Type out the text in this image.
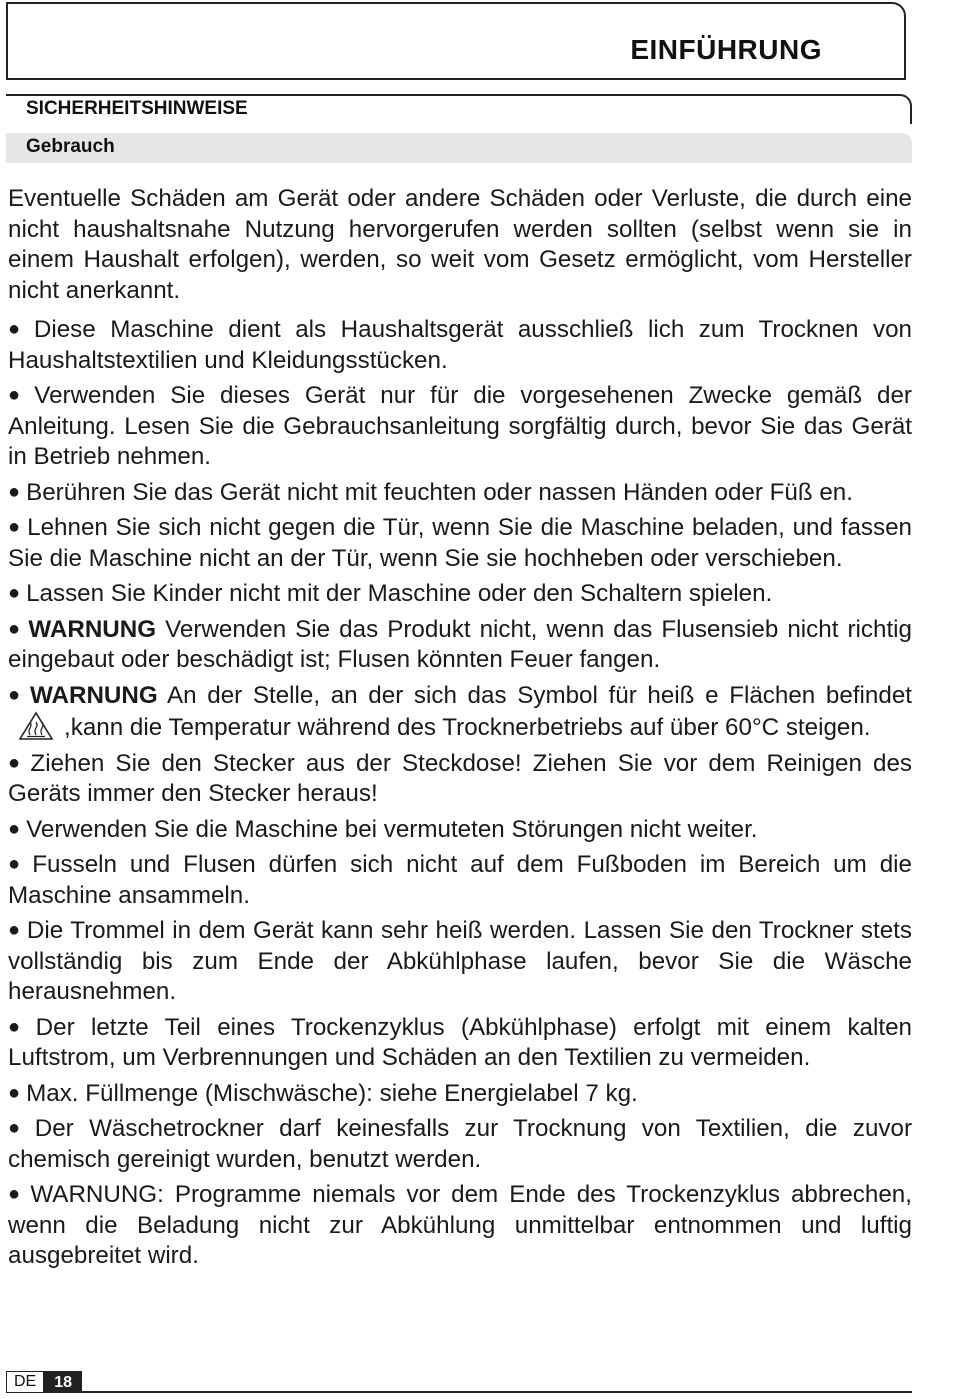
EINFÜHRUNG
SICHERHEITSHINWEISE
Gebrauch

Eventuelle Schäden am Gerät oder andere Schäden oder Verluste, die durch eine nicht haushaltsnahe Nutzung hervorgerufen werden sollten (selbst wenn sie in einem Haushalt erfolgen), werden, so weit vom Gesetz ermöglicht, vom Hersteller nicht anerkannt.

● Diese Maschine dient als Haushaltsgerät ausschließ lich zum Trocknen von Haushaltstextilien und Kleidungsstücken.

● Verwenden Sie dieses Gerät nur für die vorgesehenen Zwecke gemäß der Anleitung. Lesen Sie die Gebrauchsanleitung sorgfältig durch, bevor Sie das Gerät in Betrieb nehmen.

● Berühren Sie das Gerät nicht mit feuchten oder nassen Händen oder Füß en.

● Lehnen Sie sich nicht gegen die Tür, wenn Sie die Maschine beladen, und fassen Sie die Maschine nicht an der Tür, wenn Sie sie hochheben oder verschieben.

● Lassen Sie Kinder nicht mit der Maschine oder den Schaltern spielen.

● WARNUNG Verwenden Sie das Produkt nicht, wenn das Flusensieb nicht richtig eingebaut oder beschädigt ist; Flusen könnten Feuer fangen.

● WARNUNG An der Stelle, an der sich das Symbol für heiß e Flächen befindet,kann die Temperatur während des Trocknerbetriebs auf über 60°C steigen.

● Ziehen Sie den Stecker aus der Steckdose! Ziehen Sie vor dem Reinigen des Geräts immer den Stecker heraus!

● Verwenden Sie die Maschine bei vermuteten Störungen nicht weiter.

● Fusseln und Flusen dürfen sich nicht auf dem Fußboden im Bereich um die Maschine ansammeln.

● Die Trommel in dem Gerät kann sehr heiß werden. Lassen Sie den Trockner stets vollständig bis zum Ende der Abkühlphase laufen, bevor Sie die Wäsche herausnehmen.

● Der letzte Teil eines Trockenzyklus (Abkühlphase) erfolgt mit einem kalten Luftstrom, um Verbrennungen und Schäden an den Textilien zu vermeiden.

● Max. Füllmenge (Mischwäsche): siehe Energielabel 7 kg.

● Der Wäschetrockner darf keinesfalls zur Trocknung von Textilien, die zuvor chemisch gereinigt wurden, benutzt werden.

● WARNUNG: Programme niemals vor dem Ende des Trockenzyklus abbrechen, wenn die Beladung nicht zur Abkühlung unmittelbar entnommen und luftig ausgebreitet wird.

DE	18
